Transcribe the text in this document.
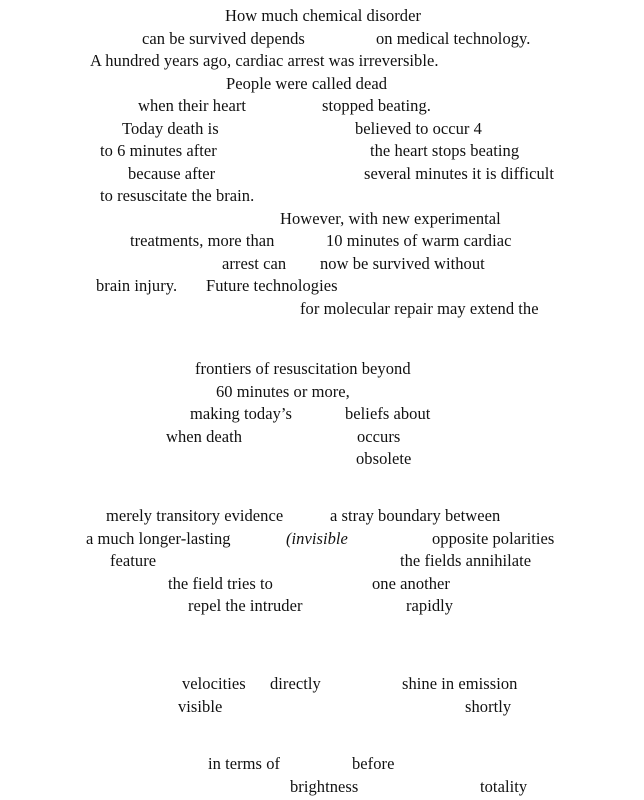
How much chemical disorder
can be survived depends	on medical technology.
A hundred years ago, cardiac arrest was irreversible.
People were called dead
when their heart	stopped beating.
Today death is	believed to occur 4
to 6 minutes after	the heart stops beating
because after	several minutes it is difficult
to resuscitate the brain.
However, with new experimental
treatments, more than	10 minutes of warm cardiac
arrest can now be survived without
brain injury. Future technologies
for molecular repair may extend the
frontiers of resuscitation beyond
60 minutes or more,
making today’s	beliefs about
when death	occurs
obsolete
merely transitory evidence	a stray boundary between
a much longer-lasting	(invisible	opposite polarities
feature	the fields annihilate
the field tries to	one another
repel the intruder	rapidly
velocities directly	shine in emission
visible	shortly
in terms of	before
brightness	totality
